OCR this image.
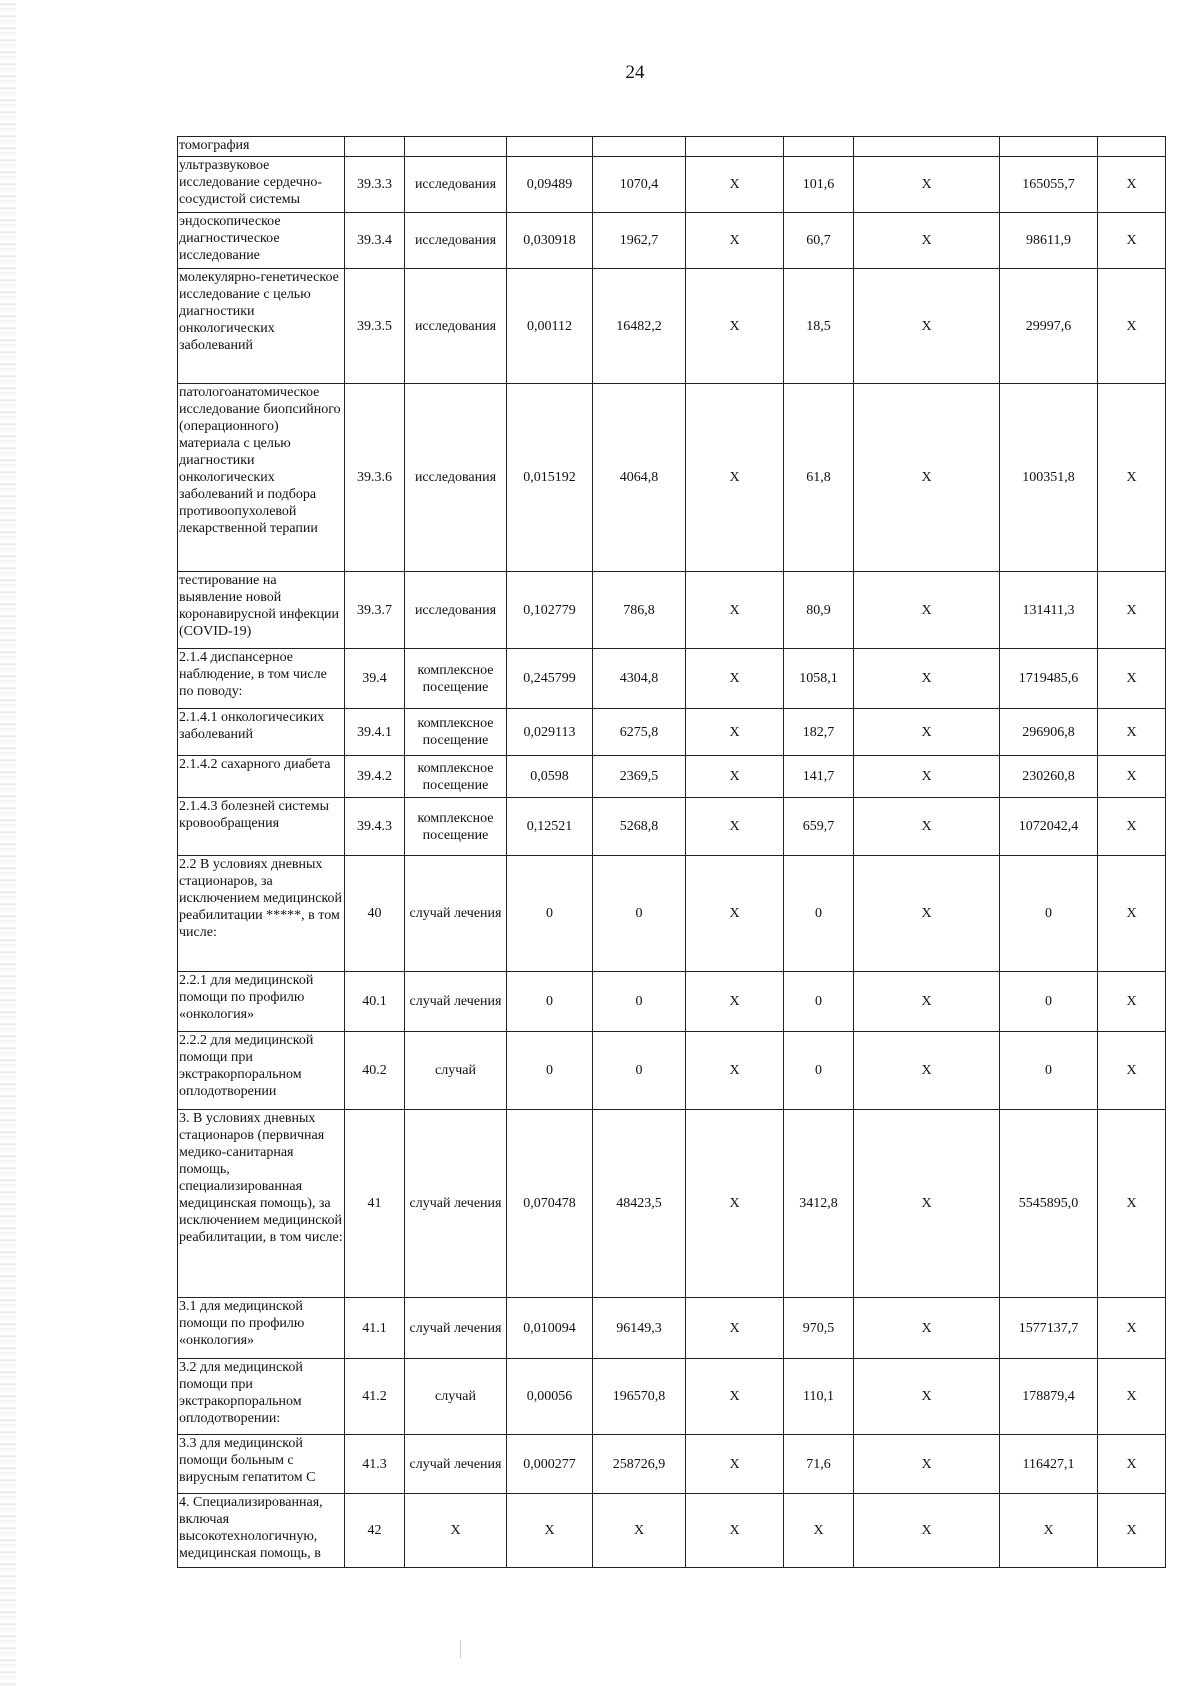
24
томография									
ультразвуковое исследование сердечно-сосудистой системы	39.3.3	исследования	0,09489	1070,4	X	101,6	X	165055,7	X
эндоскопическое диагностическое исследование	39.3.4	исследования	0,030918	1962,7	X	60,7	X	98611,9	X
молекулярно-генетическое исследование с целью диагностики онкологических заболеваний	39.3.5	исследования	0,00112	16482,2	X	18,5	X	29997,6	X
патологоанатомическое исследование биопсийного (операционного) материала с целью диагностики онкологических заболеваний и подбора противоопухолевой лекарственной терапии	39.3.6	исследования	0,015192	4064,8	X	61,8	X	100351,8	X
тестирование на выявление новой коронавирусной инфекции (COVID-19)	39.3.7	исследования	0,102779	786,8	X	80,9	X	131411,3	X
2.1.4 диспансерное наблюдение, в том числе по поводу:	39.4	комплексное посещение	0,245799	4304,8	X	1058,1	X	1719485,6	X
2.1.4.1 онкологичесиких заболеваний	39.4.1	комплексное посещение	0,029113	6275,8	X	182,7	X	296906,8	X
2.1.4.2 сахарного диабета	39.4.2	комплексное посещение	0,0598	2369,5	X	141,7	X	230260,8	X
2.1.4.3 болезней системы кровообращения	39.4.3	комплексное посещение	0,12521	5268,8	X	659,7	X	1072042,4	X
2.2 В условиях дневных стационаров, за исключением медицинской реабилитации *****, в том числе:	40	случай лечения	0	0	X	0	X	0	X
2.2.1 для медицинской помощи по профилю «онкология»	40.1	случай лечения	0	0	X	0	X	0	X
2.2.2 для медицинской помощи при экстракорпоральном оплодотворении	40.2	случай	0	0	X	0	X	0	X
3. В условиях дневных стационаров (первичная медико-санитарная помощь, специализированная медицинская помощь), за исключением медицинской реабилитации, в том числе:	41	случай лечения	0,070478	48423,5	X	3412,8	X	5545895,0	X
3.1 для медицинской помощи по профилю «онкология»	41.1	случай лечения	0,010094	96149,3	X	970,5	X	1577137,7	X
3.2 для медицинской помощи при экстракорпоральном оплодотворении:	41.2	случай	0,00056	196570,8	X	110,1	X	178879,4	X
3.3 для медицинской помощи больным с вирусным гепатитом С	41.3	случай лечения	0,000277	258726,9	X	71,6	X	116427,1	X
4. Специализированная, включая высокотехнологичную, медицинская помощь, в	42	X	X	X	X	X	X	X	X
